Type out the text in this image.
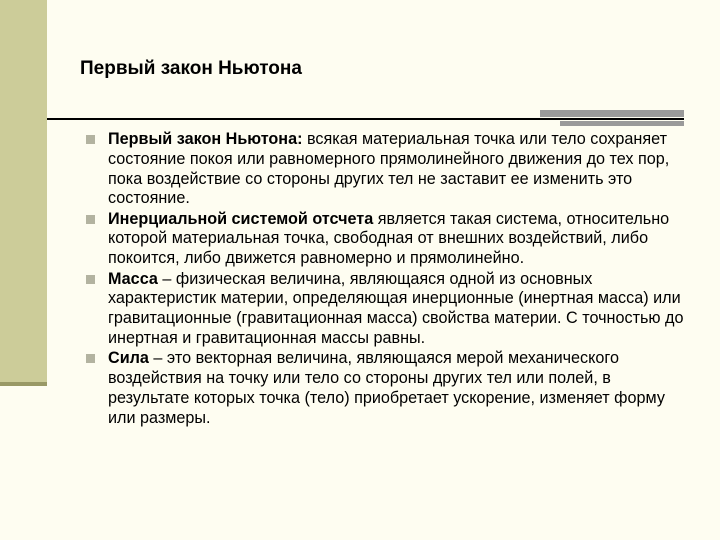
Первый закон Ньютона
Первый закон Ньютона: всякая материальная точка или тело сохраняет состояние покоя или равномерного прямолинейного движения до тех пор, пока воздействие со стороны других тел не заставит ее изменить это состояние.
Инерциальной системой отсчета является такая система, относительно которой материальная точка, свободная от внешних воздействий, либо покоится, либо движется равномерно и прямолинейно.
Масса – физическая величина, являющаяся одной из основных характеристик материи, определяющая инерционные (инертная масса) или гравитационные (гравитационная масса) свойства материи. С точностью до инертная и гравитационная массы равны.
Сила – это векторная величина, являющаяся мерой механического воздействия на точку или тело со стороны других тел или полей, в результате которых точка (тело) приобретает ускорение, изменяет форму или размеры.
